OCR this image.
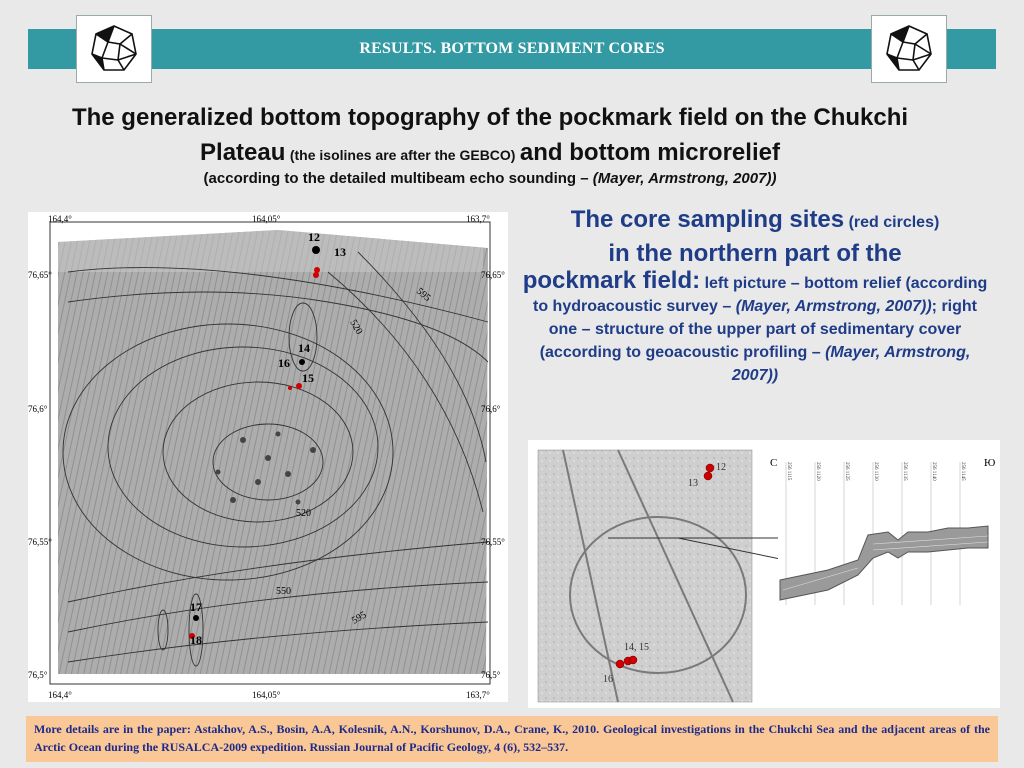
RESULTS. BOTTOM SEDIMENT CORES
The generalized bottom topography of the pockmark field on the Chukchi Plateau (the isolines are after the GEBCO) and bottom microrelief
(according to the detailed multibeam echo sounding – (Mayer, Armstrong, 2007))
164,4°	164,05°	163,7°
164,4°	164,05°	163,7°
76,65°
76,6°
76,55°
76,5°
76,65°
76,6°
76,55°
76,5°
595
520
550
595
520
12
13
14
16
15
17
18
The core sampling sites (red circles)
in the northern part of the
pockmark field: left picture – bottom relief (according to hydroacoustic survey – (Mayer, Armstrong, 2007)); right one – structure of the upper part of sedimentary cover (according to geoacoustic profiling – (Mayer, Armstrong, 2007))
С	Ю
256 1115	256 1120	256 1125	256 1130	256 1135	256 1140	256 1145
12
13
14, 15
16
More details are in the paper: Astakhov, A.S., Bosin, A.A, Kolesnik, A.N., Korshunov, D.A., Crane, K., 2010. Geological investigations in the Chukchi Sea and the adjacent areas of the Arctic Ocean during the RUSALCA-2009 expedition. Russian Journal of Pacific Geology, 4 (6), 532–537.
